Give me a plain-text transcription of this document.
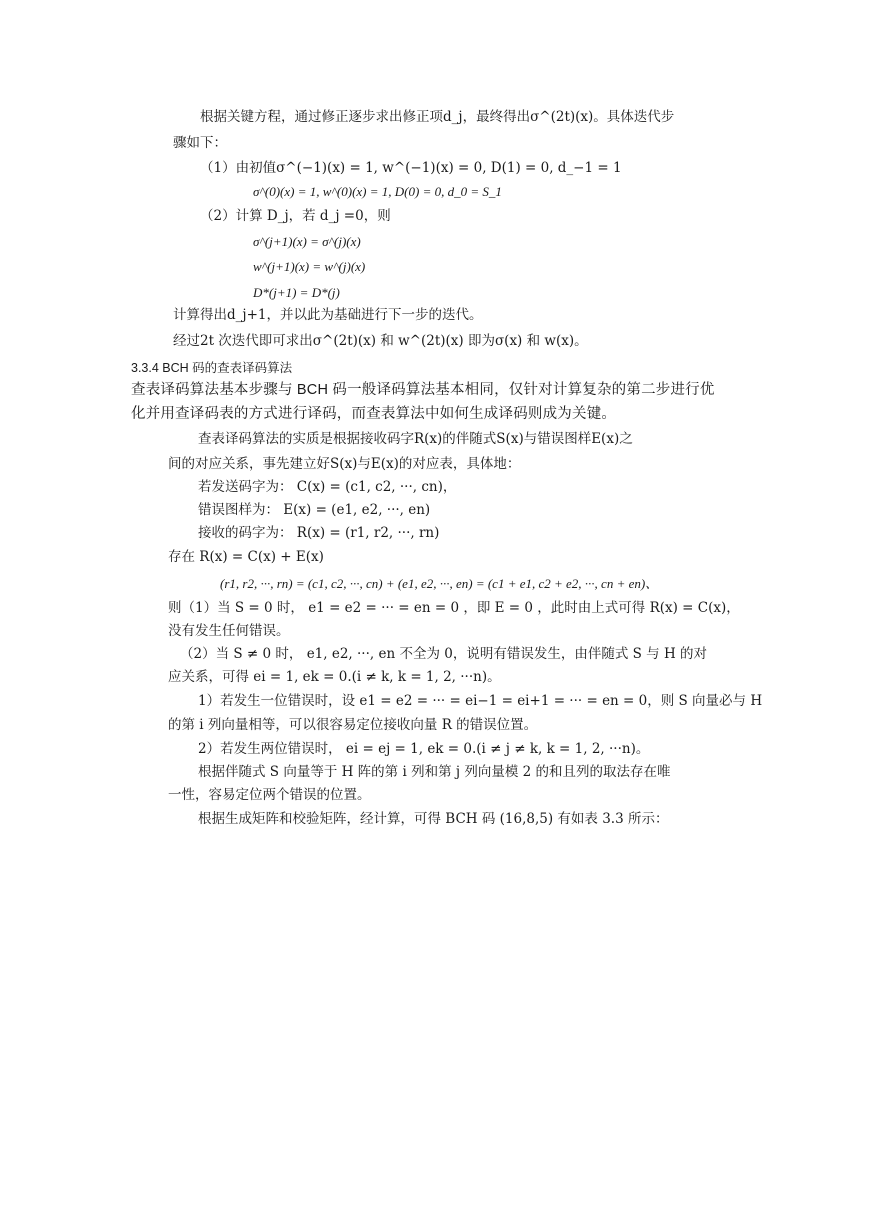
根据关键方程，通过修正逐步求出修正项d_j，最终得出σ^(2t)(x)。具体迭代步
骤如下：
（1）由初值σ^(−1)(x) = 1, w^(−1)(x) = 0, D(1) = 0, d_−1 = 1
σ^(0)(x) = 1, w^(0)(x) = 1, D(0) = 0, d_0 = S_1
（2）计算 D_j，若 d_j =0，则
σ^(j+1)(x) = σ^(j)(x)
w^(j+1)(x) = w^(j)(x)
D*(j+1) = D*(j)
计算得出d_j+1，并以此为基础进行下一步的迭代。
经过2t 次迭代即可求出σ^(2t)(x) 和 w^(2t)(x) 即为σ(x) 和 w(x)。
3.3.4 BCH 码的查表译码算法
查表译码算法基本步骤与 BCH 码一般译码算法基本相同，仅针对计算复杂的第二步进行优
化并用查译码表的方式进行译码，而查表算法中如何生成译码则成为关键。
查表译码算法的实质是根据接收码字R(x)的伴随式S(x)与错误图样E(x)之
间的对应关系，事先建立好S(x)与E(x)的对应表，具体地：
若发送码字为： C(x) = (c1, c2, ···, cn)，
错误图样为： E(x) = (e1, e2, ···, en)
接收的码字为： R(x) = (r1, r2, ···, rn)
存在 R(x) = C(x) + E(x)
(r1, r2, ···, rn) = (c1, c2, ···, cn) + (e1, e2, ···, en) = (c1 + e1, c2 + e2, ···, cn + en)、
则（1）当 S = 0 时， e1 = e2 = ··· = en = 0 ，即 E = 0 ，此时由上式可得 R(x) = C(x)，
没有发生任何错误。
（2）当 S ≠ 0 时， e1, e2, ···, en 不全为 0，说明有错误发生，由伴随式 S 与 H 的对
应关系，可得 ei = 1, ek = 0.(i ≠ k, k = 1, 2, ···n)。
1）若发生一位错误时，设 e1 = e2 = ··· = ei−1 = ei+1 = ··· = en = 0，则 S 向量必与 H
的第 i 列向量相等，可以很容易定位接收向量 R 的错误位置。
2）若发生两位错误时， ei = ej = 1, ek = 0.(i ≠ j ≠ k, k = 1, 2, ···n)。
根据伴随式 S 向量等于 H 阵的第 i 列和第 j 列向量模 2 的和且列的取法存在唯
一性，容易定位两个错误的位置。
根据生成矩阵和校验矩阵，经计算，可得 BCH 码 (16,8,5) 有如表 3.3 所示：
